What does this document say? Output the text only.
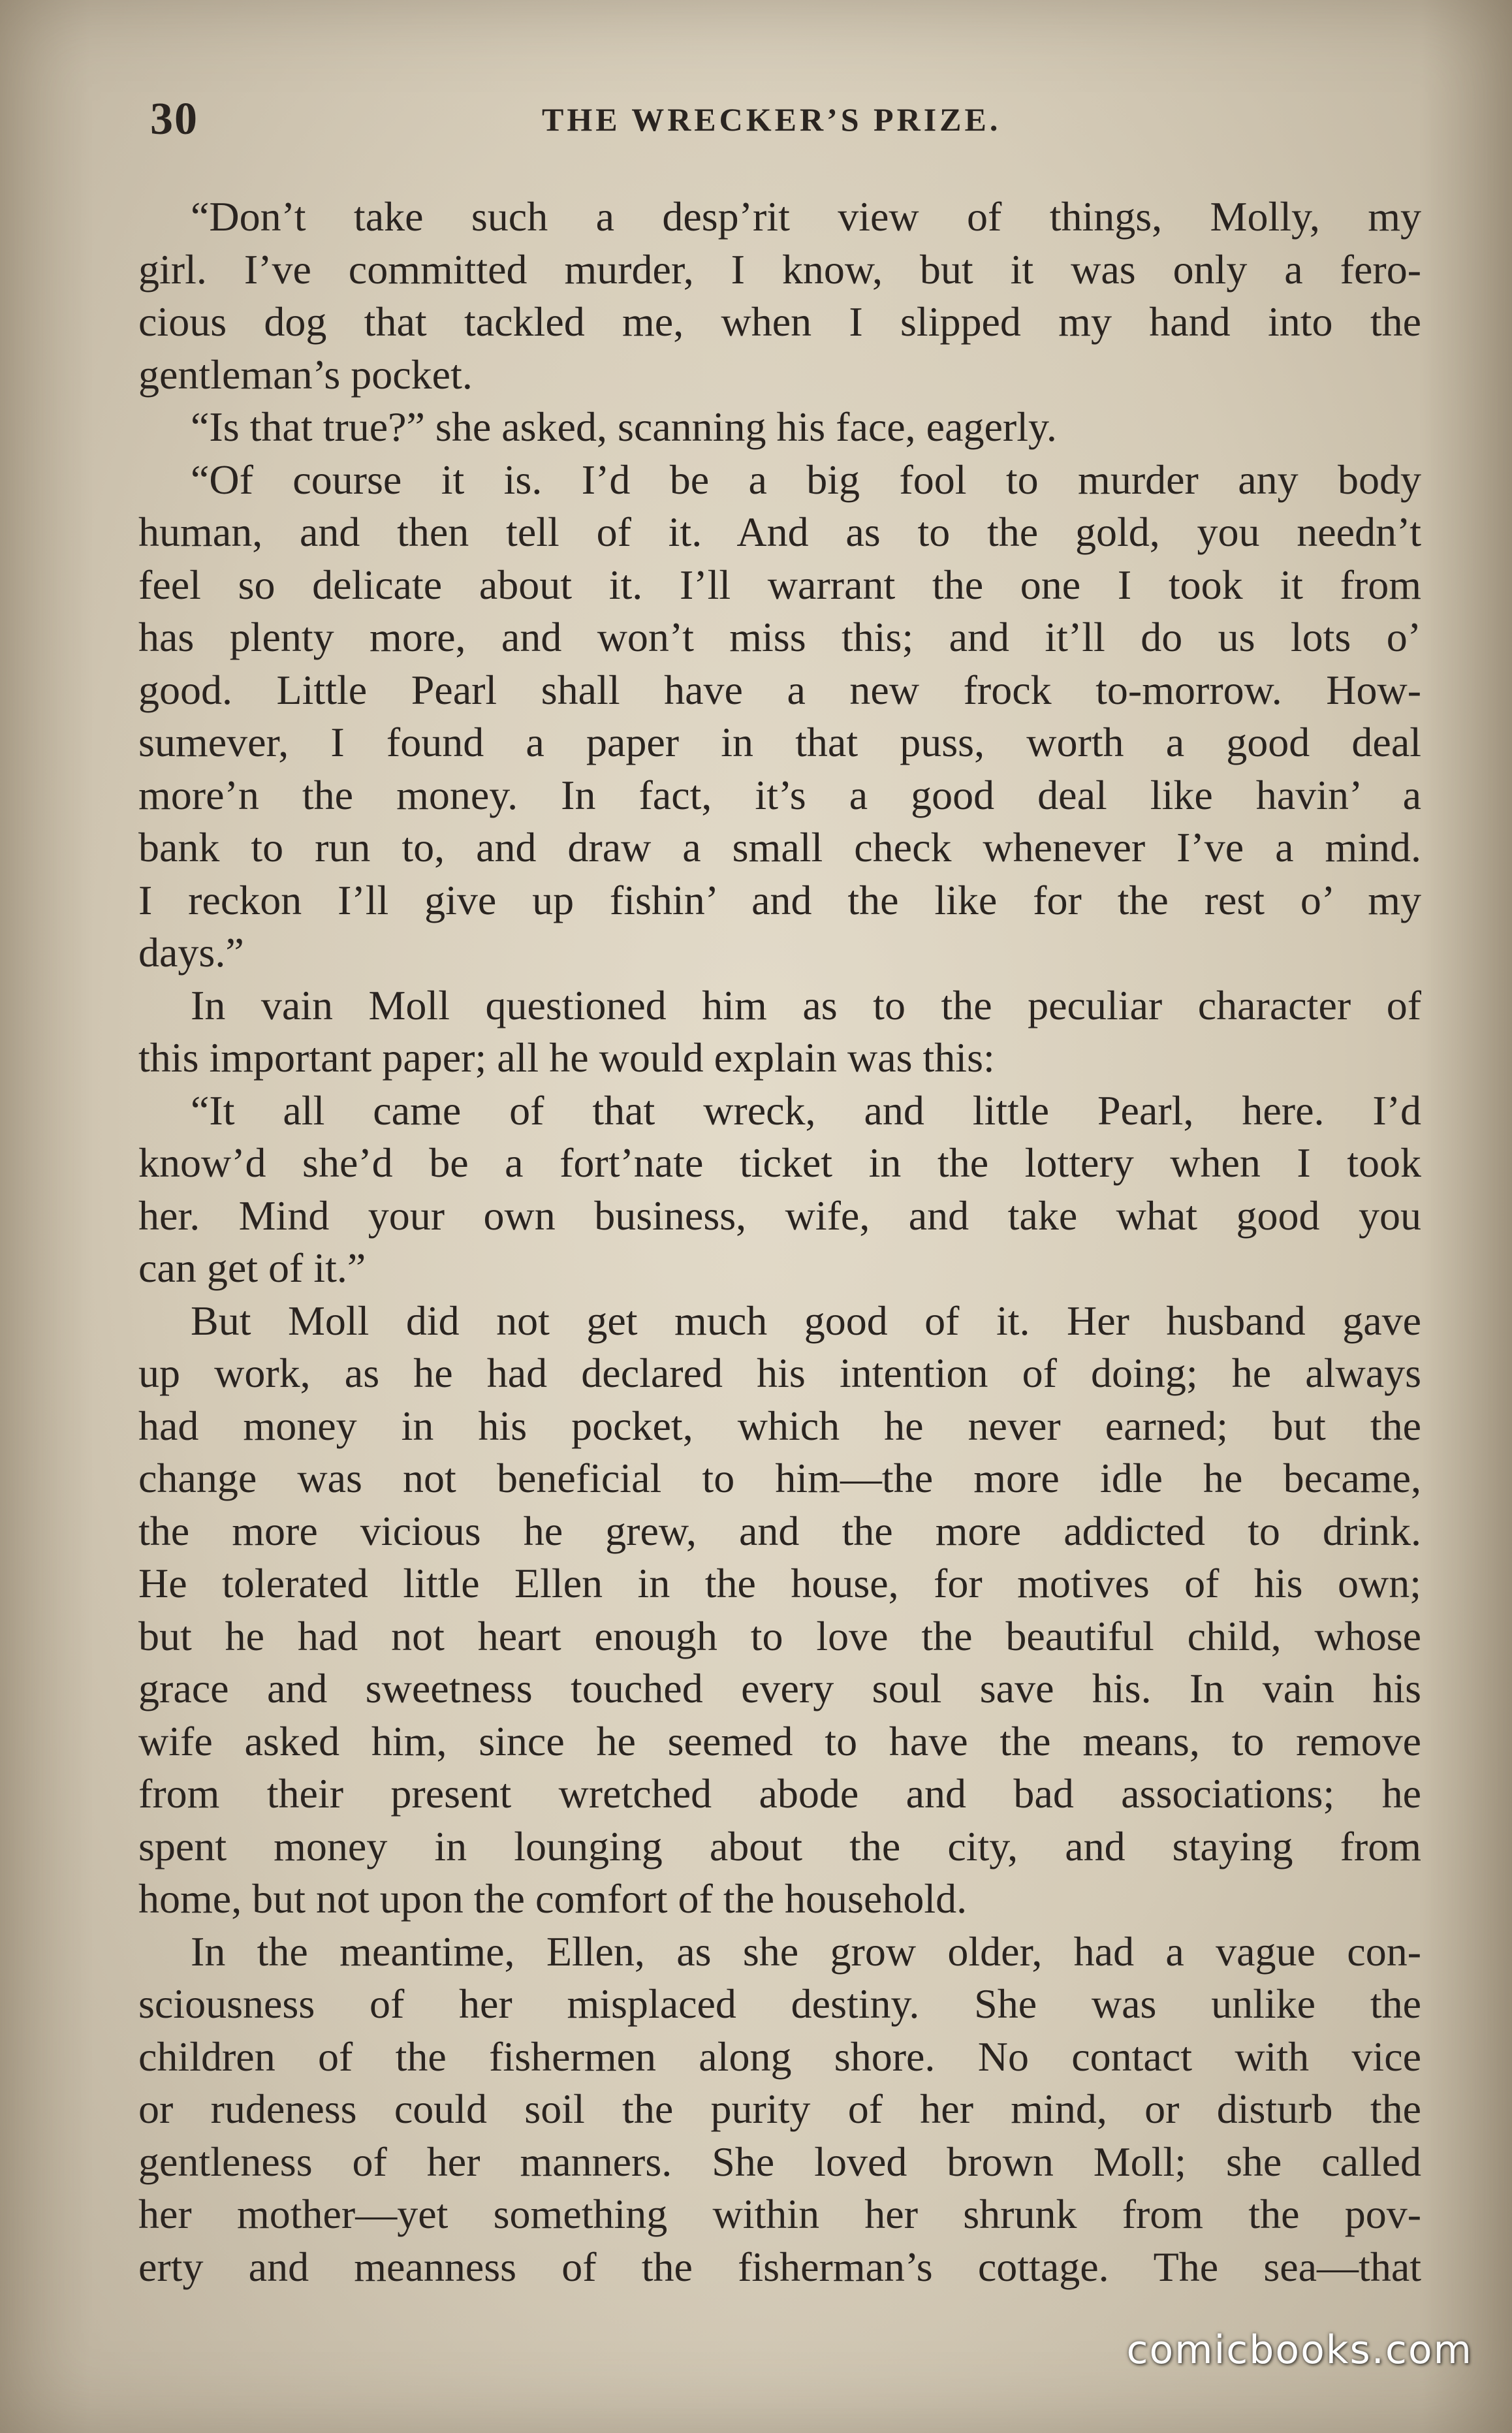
30	THE WRECKER’S PRIZE.
“Don’t take such a desp’rit view of things, Molly, my
girl. I’ve committed murder, I know, but it was only a fero-
cious dog that tackled me, when I slipped my hand into the
gentleman’s pocket.
“Is that true?” she asked, scanning his face, eagerly.
“Of course it is. I’d be a big fool to murder any body
human, and then tell of it. And as to the gold, you needn’t
feel so delicate about it. I’ll warrant the one I took it from
has plenty more, and won’t miss this; and it’ll do us lots o’
good. Little Pearl shall have a new frock to-morrow. How-
sumever, I found a paper in that puss, worth a good deal
more’n the money. In fact, it’s a good deal like havin’ a
bank to run to, and draw a small check whenever I’ve a mind.
I reckon I’ll give up fishin’ and the like for the rest o’ my
days.”
In vain Moll questioned him as to the peculiar character of
this important paper; all he would explain was this:
“It all came of that wreck, and little Pearl, here. I’d
know’d she’d be a fort’nate ticket in the lottery when I took
her. Mind your own business, wife, and take what good you
can get of it.”
But Moll did not get much good of it. Her husband gave
up work, as he had declared his intention of doing; he always
had money in his pocket, which he never earned; but the
change was not beneficial to him—the more idle he became,
the more vicious he grew, and the more addicted to drink.
He tolerated little Ellen in the house, for motives of his own;
but he had not heart enough to love the beautiful child, whose
grace and sweetness touched every soul save his. In vain his
wife asked him, since he seemed to have the means, to remove
from their present wretched abode and bad associations; he
spent money in lounging about the city, and staying from
home, but not upon the comfort of the household.
In the meantime, Ellen, as she grow older, had a vague con-
sciousness of her misplaced destiny. She was unlike the
children of the fishermen along shore. No contact with vice
or rudeness could soil the purity of her mind, or disturb the
gentleness of her manners. She loved brown Moll; she called
her mother—yet something within her shrunk from the pov-
erty and meanness of the fisherman’s cottage. The sea—that
comicbooks.com
